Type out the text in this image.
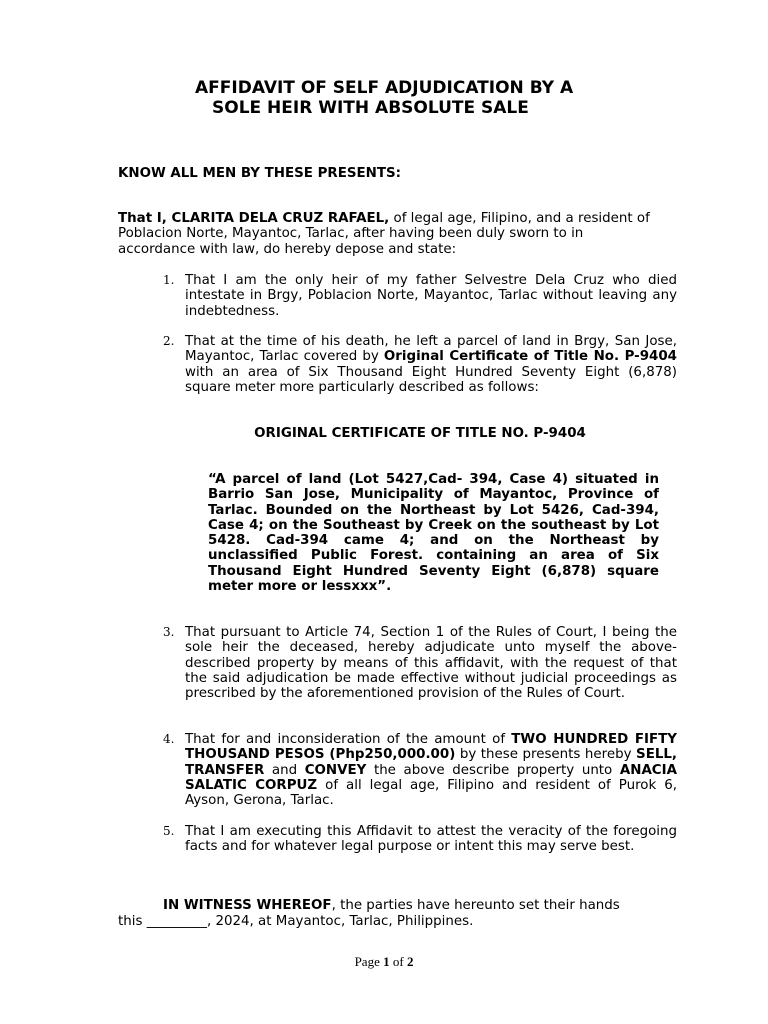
AFFIDAVIT OF SELF ADJUDICATION BY A
SOLE HEIR WITH ABSOLUTE SALE
KNOW ALL MEN BY THESE PRESENTS:
That I, CLARITA DELA CRUZ RAFAEL, of legal age, Filipino, and a resident of Poblacion Norte, Mayantoc, Tarlac, after having been duly sworn to in accordance with law, do hereby depose and state:
1. That I am the only heir of my father Selvestre Dela Cruz who died intestate in Brgy, Poblacion Norte, Mayantoc, Tarlac without leaving any indebtedness.
2. That at the time of his death, he left a parcel of land in Brgy, San Jose, Mayantoc, Tarlac covered by Original Certificate of Title No. P-9404 with an area of Six Thousand Eight Hundred Seventy Eight (6,878) square meter more particularly described as follows:
ORIGINAL CERTIFICATE OF TITLE NO. P-9404
“A parcel of land (Lot 5427,Cad- 394, Case 4) situated in Barrio San Jose, Municipality of Mayantoc, Province of Tarlac. Bounded on the Northeast by Lot 5426, Cad-394, Case 4; on the Southeast by Creek on the southeast by Lot 5428. Cad-394 came 4; and on the Northeast by unclassified Public Forest. containing an area of Six Thousand Eight Hundred Seventy Eight (6,878) square meter more or lessxxx”.
3. That pursuant to Article 74, Section 1 of the Rules of Court, I being the sole heir the deceased, hereby adjudicate unto myself the above-described property by means of this affidavit, with the request of that the said adjudication be made effective without judicial proceedings as prescribed by the aforementioned provision of the Rules of Court.
4. That for and inconsideration of the amount of TWO HUNDRED FIFTY THOUSAND PESOS (Php250,000.00) by these presents hereby SELL, TRANSFER and CONVEY the above describe property unto ANACIA SALATIC CORPUZ of all legal age, Filipino and resident of Purok 6, Ayson, Gerona, Tarlac.
5. That I am executing this Affidavit to attest the veracity of the foregoing facts and for whatever legal purpose or intent this may serve best.
IN WITNESS WHEREOF, the parties have hereunto set their hands
this _________, 2024, at Mayantoc, Tarlac, Philippines.
Page 1 of 2
